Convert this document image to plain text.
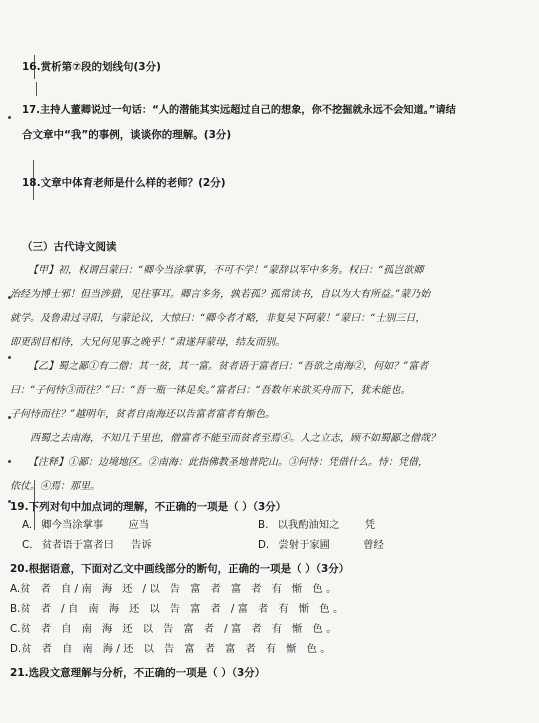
16.赏析第⑦段的划线句(3分)
17.主持人董卿说过一句话：“人的潜能其实远超过自己的想象，你不挖掘就永远不会知道。”请结
合文章中“我”的事例，谈谈你的理解。(3分)
18.文章中体育老师是什么样的老师？(2分)
（三）古代诗文阅读
【甲】初，权谓吕蒙曰：“卿今当涂掌事，不可不学！”蒙辞以军中多务。权曰：“孤岂欲卿
治经为博士邪！但当涉猎，见往事耳。卿言多务，孰若孤？孤常读书，自以为大有所益。”蒙乃始
就学。及鲁肃过寻阳，与蒙论议，大惊曰：“卿今者才略，非复吴下阿蒙！”蒙曰：“士别三日，
即更刮目相待，大兄何见事之晚乎！”肃遂拜蒙母，结友而别。
【乙】蜀之鄙①有二僧：其一贫，其一富。贫者语于富者曰：“吾欲之南海②，何如？”富者
曰：“子何恃③而往？”曰：“吾一瓶一钵足矣。”富者曰：“吾数年来欲买舟而下，犹未能也。
子何恃而往？”越明年，贫者自南海还以告富者富者有惭色。
西蜀之去南海，不知几千里也，僧富者不能至而贫者至焉④。人之立志，顾不如蜀鄙之僧哉？
【注释】①鄙：边境地区。②南海：此指佛教圣地普陀山。③何恃：凭借什么。恃：凭借，
依仗。④焉：那里。
19.下列对句中加点词的理解，不正确的一项是（ ）（3分）
A. 卿今当涂掌事 应当	B. 以我酌油知之 凭
C. 贫者语于富者曰 告诉	D. 尝射于家圃	曾经
20.根据语意，下面对乙文中画线部分的断句，正确的一项是（ ）（3分）
A.贫 者 自/南 海 还 /以 告 富 者 富 者 有 惭 色。
B.贫 者 /自 南 海 还 以 告 富 者 /富 者 有 惭 色。
C.贫 者 自 南 海 还 以 告 富 者 /富 者 有 惭 色。
D.贫 者 自 南 海/还 以 告 富 者 富 者 有 惭 色。
21.选段文意理解与分析，不正确的一项是（ ）（3分）
